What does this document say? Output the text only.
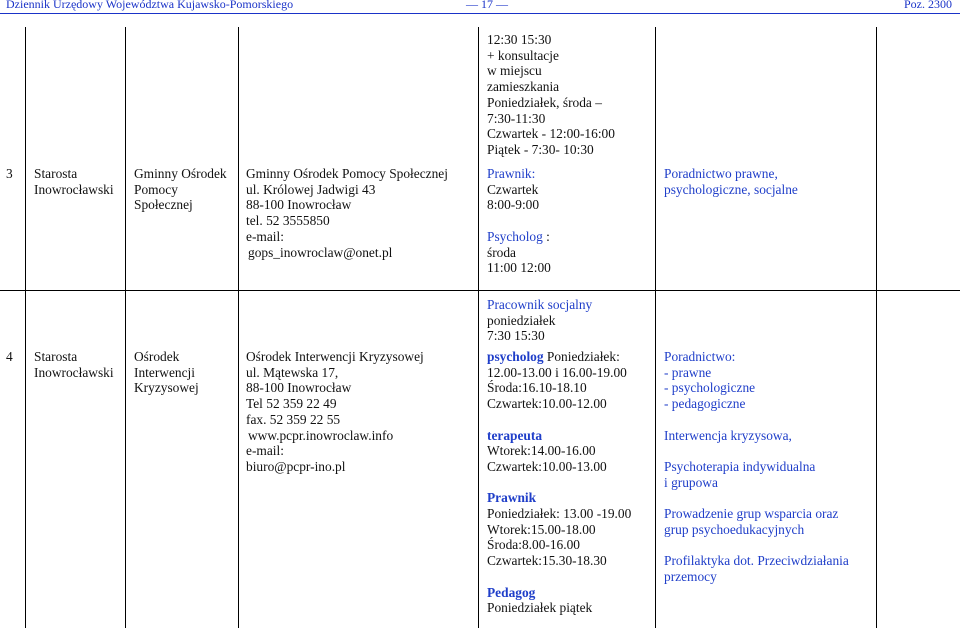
Dziennik Urzędowy Województwa Kujawsko-Pomorskiego	— 17 —	Poz. 2300
12:30 15:30
+ konsultacje
w miejscu
zamieszkania
Poniedziałek, środa –
7:30-11:30
Czwartek - 12:00-16:00
Piątek - 7:30- 10:30
3 Starosta
Inowrocławski
Gminny Ośrodek
Pomocy
Społecznej
Gminny Ośrodek Pomocy Społecznej
ul. Królowej Jadwigi 43
88-100 Inowrocław
tel. 52 3555850
e-mail:
gops_inowroclaw@onet.pl
Prawnik:
Czwartek
8:00-9:00
Psycholog :
środa
11:00 12:00
Poradnictwo prawne,
psychologiczne, socjalne
Pracownik socjalny
poniedziałek
7:30 15:30
4 Starosta
Inowrocławski
Ośrodek
Interwencji
Kryzysowej
Ośrodek Interwencji Kryzysowej
ul. Mątewska 17,
88-100 Inowrocław
Tel 52 359 22 49
fax. 52 359 22 55
www.pcpr.inowroclaw.info
e-mail:
biuro@pcpr-ino.pl
psycholog Poniedziałek:
12.00-13.00 i 16.00-19.00
Środa:16.10-18.10
Czwartek:10.00-12.00
terapeuta
Wtorek:14.00-16.00
Czwartek:10.00-13.00
Prawnik
Poniedziałek: 13.00 -19.00
Wtorek:15.00-18.00
Środa:8.00-16.00
Czwartek:15.30-18.30
Pedagog
Poniedziałek piątek
Poradnictwo:
- prawne
- psychologiczne
- pedagogiczne
Interwencja kryzysowa,
Psychoterapia indywidualna
i grupowa
Prowadzenie grup wsparcia oraz
grup psychoedukacyjnych
Profilaktyka dot. Przeciwdziałania
przemocy
